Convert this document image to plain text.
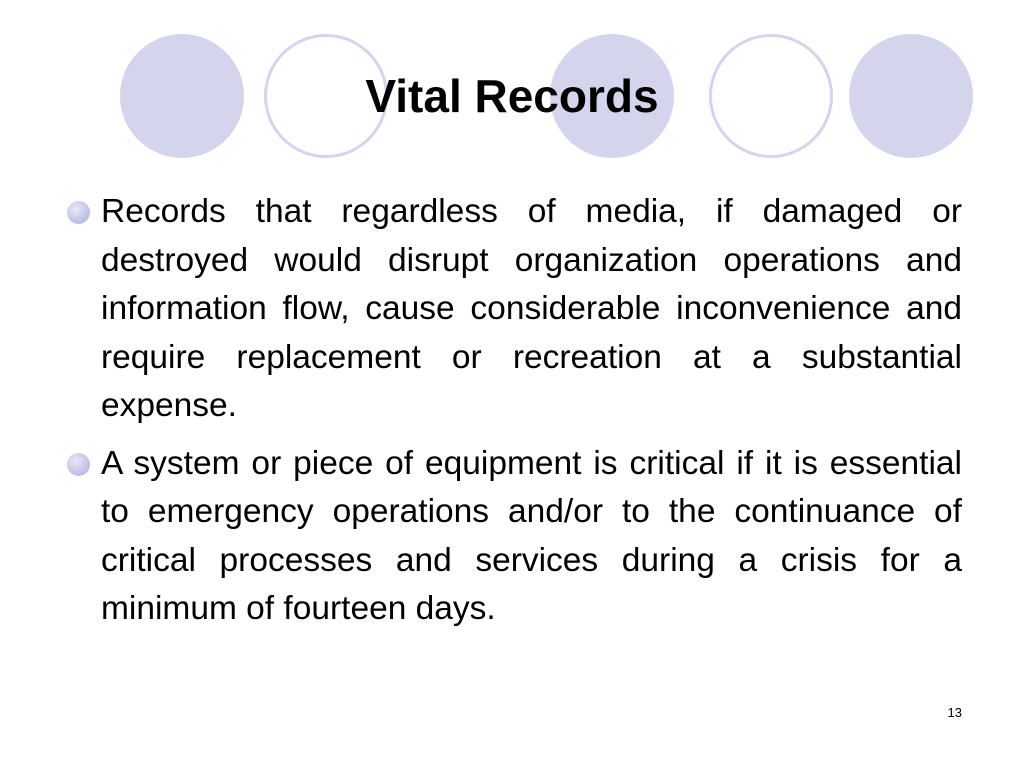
Vital Records
Records that regardless of media, if damaged or destroyed would disrupt organization operations and information flow, cause considerable inconvenience and require replacement or recreation at a substantial expense.
A system or piece of equipment is critical if it is essential to emergency operations and/or to the continuance of critical processes and services during a crisis for a minimum of fourteen days.
13
